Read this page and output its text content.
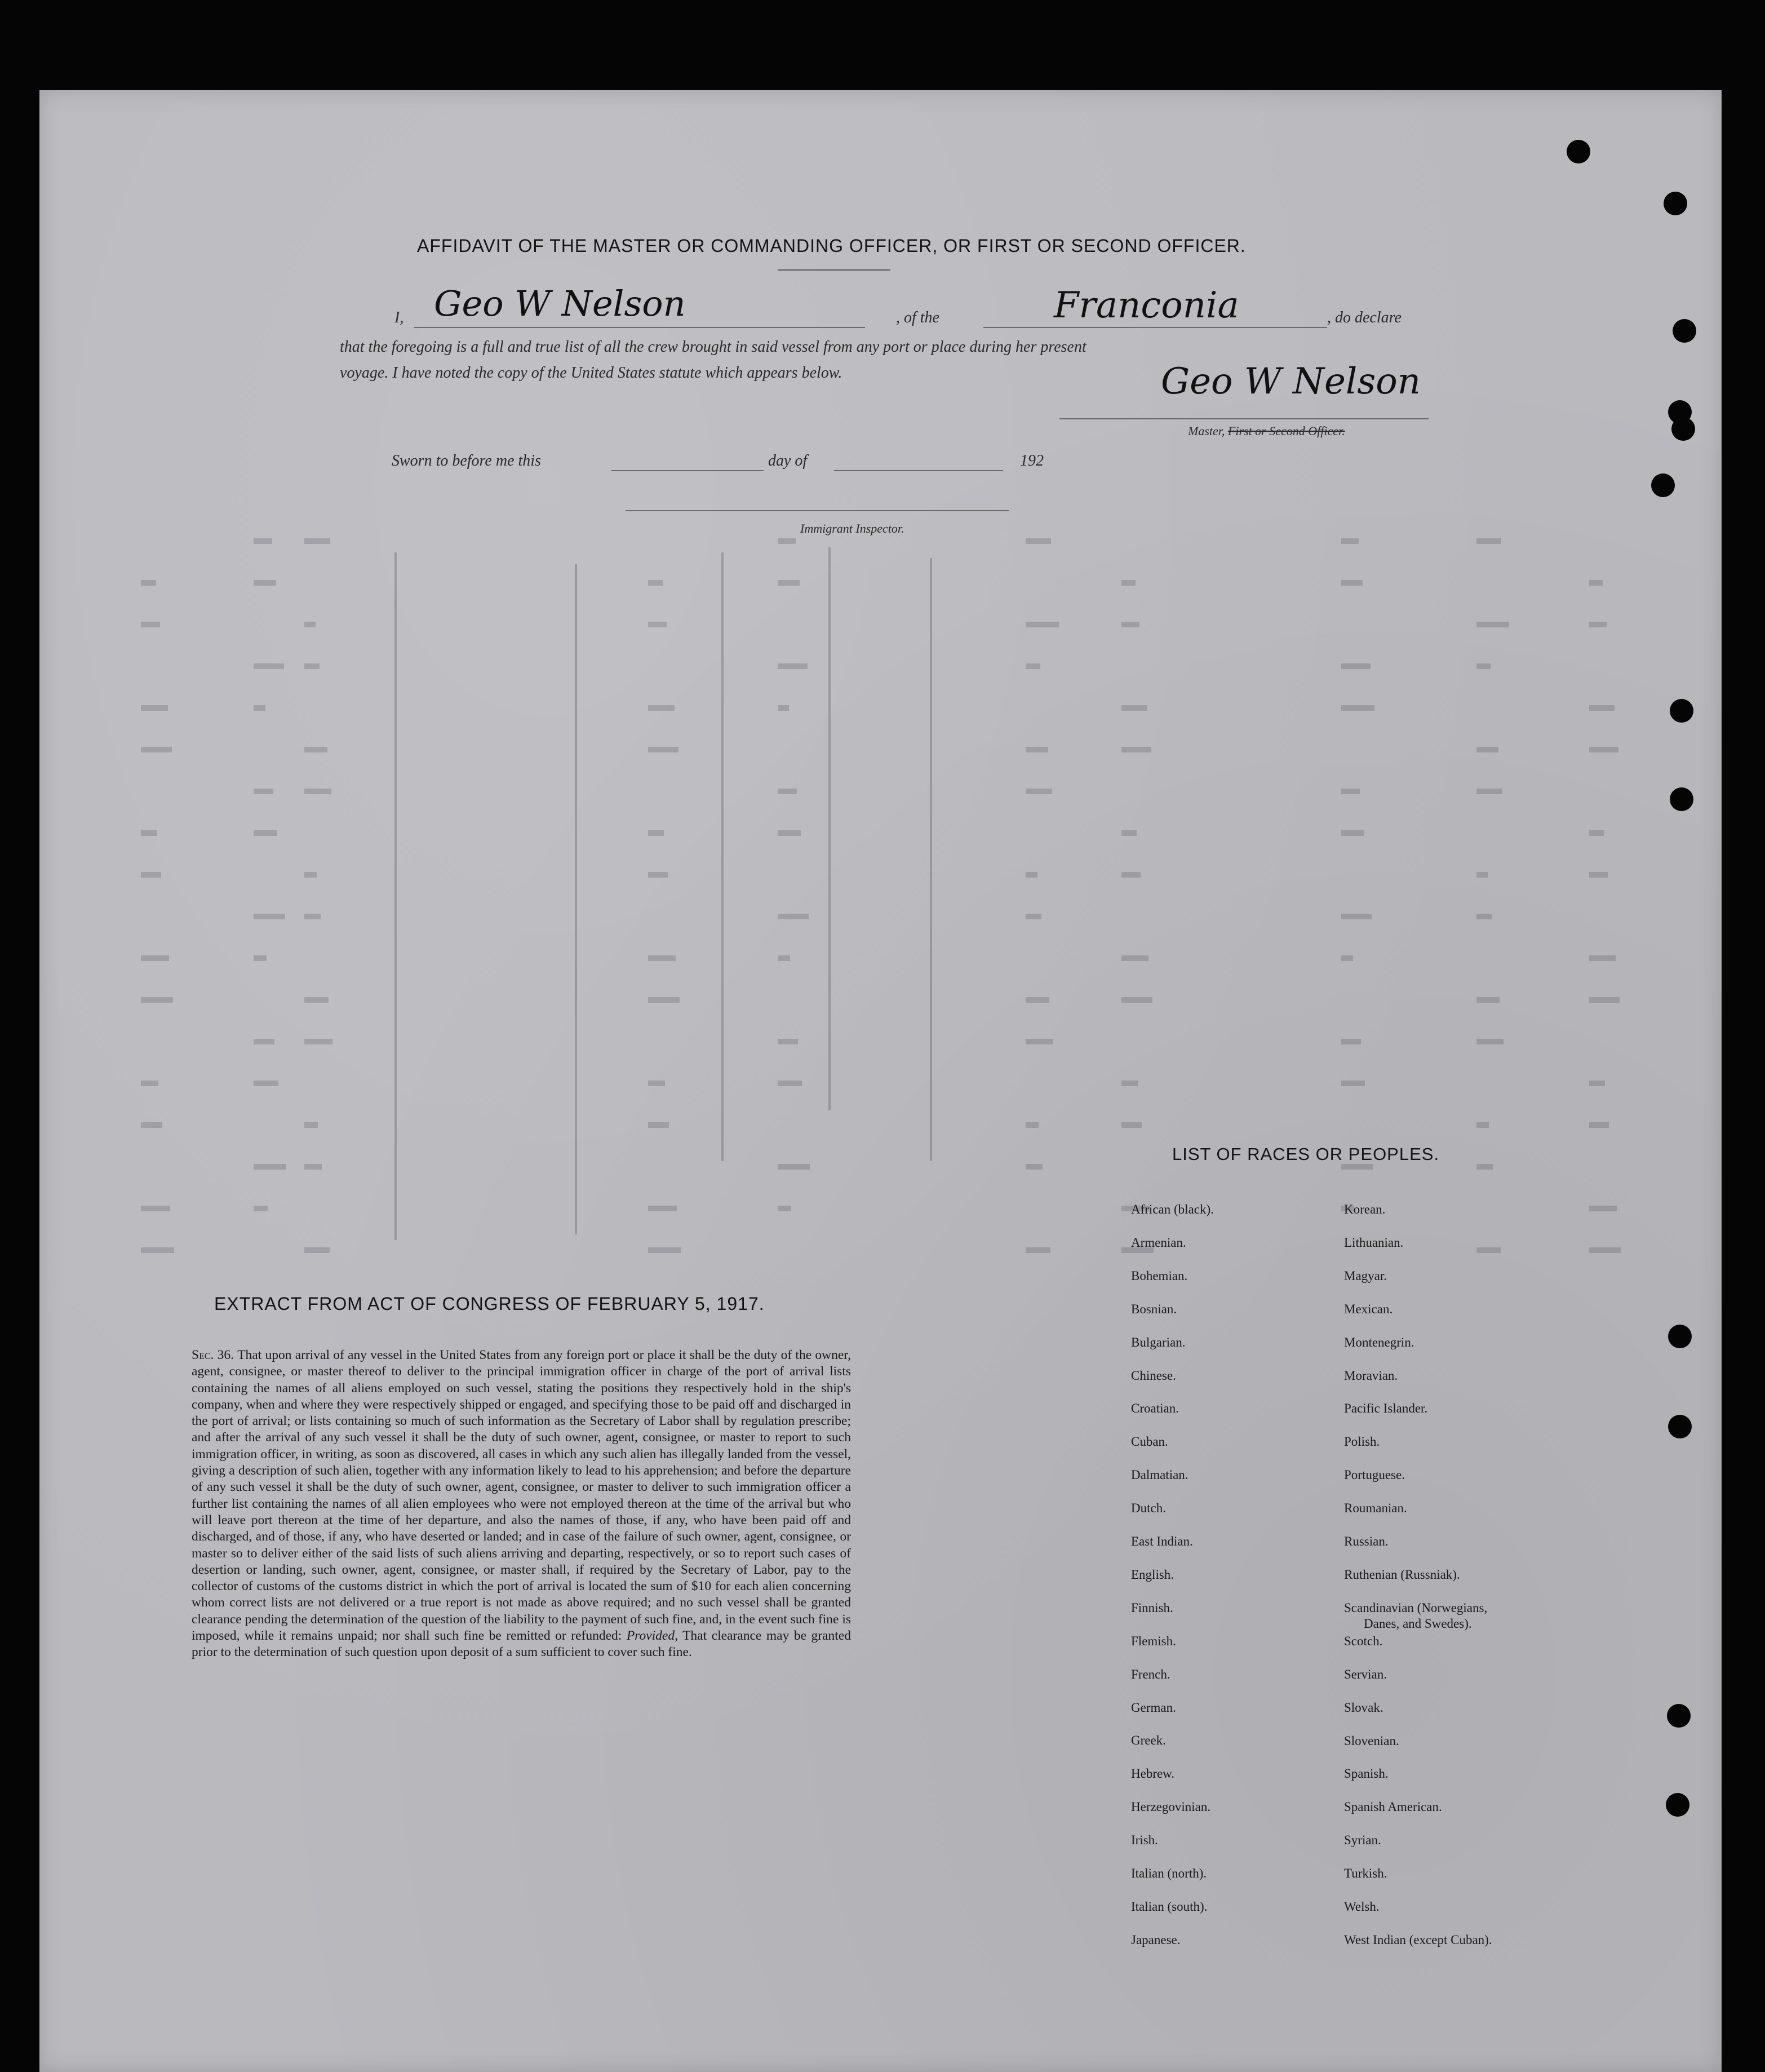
AFFIDAVIT OF THE MASTER OR COMMANDING OFFICER, OR FIRST OR SECOND OFFICER.
I, Geo W Nelson	, of the	Franconia	, do declare
that the foregoing is a full and true list of all the crew brought in said vessel from any port or place during her present
voyage. I have noted the copy of the United States statute which appears below.	Geo W Nelson
Master, First or Second Officer.
Sworn to before me this	day of	192
Immigrant Inspector.
EXTRACT FROM ACT OF CONGRESS OF FEBRUARY 5, 1917.
Sec. 36. That upon arrival of any vessel in the United States from any foreign port or place it shall be the duty of the owner, agent, consignee, or master thereof to deliver to the principal immigration officer in charge of the port of arrival lists containing the names of all aliens employed on such vessel, stating the positions they respectively hold in the ship's company, when and where they were respectively shipped or engaged, and specifying those to be paid off and discharged in the port of arrival; or lists containing so much of such information as the Secretary of Labor shall by regulation prescribe; and after the arrival of any such vessel it shall be the duty of such owner, agent, consignee, or master to report to such immigration officer, in writing, as soon as discovered, all cases in which any such alien has illegally landed from the vessel, giving a description of such alien, together with any information likely to lead to his apprehension; and before the departure of any such vessel it shall be the duty of such owner, agent, consignee, or master to deliver to such immigration officer a further list containing the names of all alien employees who were not employed thereon at the time of the arrival but who will leave port thereon at the time of her departure, and also the names of those, if any, who have been paid off and discharged, and of those, if any, who have deserted or landed; and in case of the failure of such owner, agent, consignee, or master so to deliver either of the said lists of such aliens arriving and departing, respectively, or so to report such cases of desertion or landing, such owner, agent, consignee, or master shall, if required by the Secretary of Labor, pay to the collector of customs of the customs district in which the port of arrival is located the sum of $10 for each alien concerning whom correct lists are not delivered or a true report is not made as above required; and no such vessel shall be granted clearance pending the determination of the question of the liability to the payment of such fine, and, in the event such fine is imposed, while it remains unpaid; nor shall such fine be remitted or refunded: Provided, That clearance may be granted prior to the determination of such question upon deposit of a sum sufficient to cover such fine.
LIST OF RACES OR PEOPLES.
African (black).
Armenian.
Bohemian.
Bosnian.
Bulgarian.
Chinese.
Croatian.
Cuban.
Dalmatian.
Dutch.
East Indian.
English.
Finnish.
Flemish.
French.
German.
Greek.
Hebrew.
Herzegovinian.
Irish.
Italian (north).
Italian (south).
Japanese.
Korean.
Lithuanian.
Magyar.
Mexican.
Montenegrin.
Moravian.
Pacific Islander.
Polish.
Portuguese.
Roumanian.
Russian.
Ruthenian (Russniak).
Scandinavian (Norwegians,
Danes, and Swedes).
Scotch.
Servian.
Slovak.
Slovenian.
Spanish.
Spanish American.
Syrian.
Turkish.
Welsh.
West Indian (except Cuban).
